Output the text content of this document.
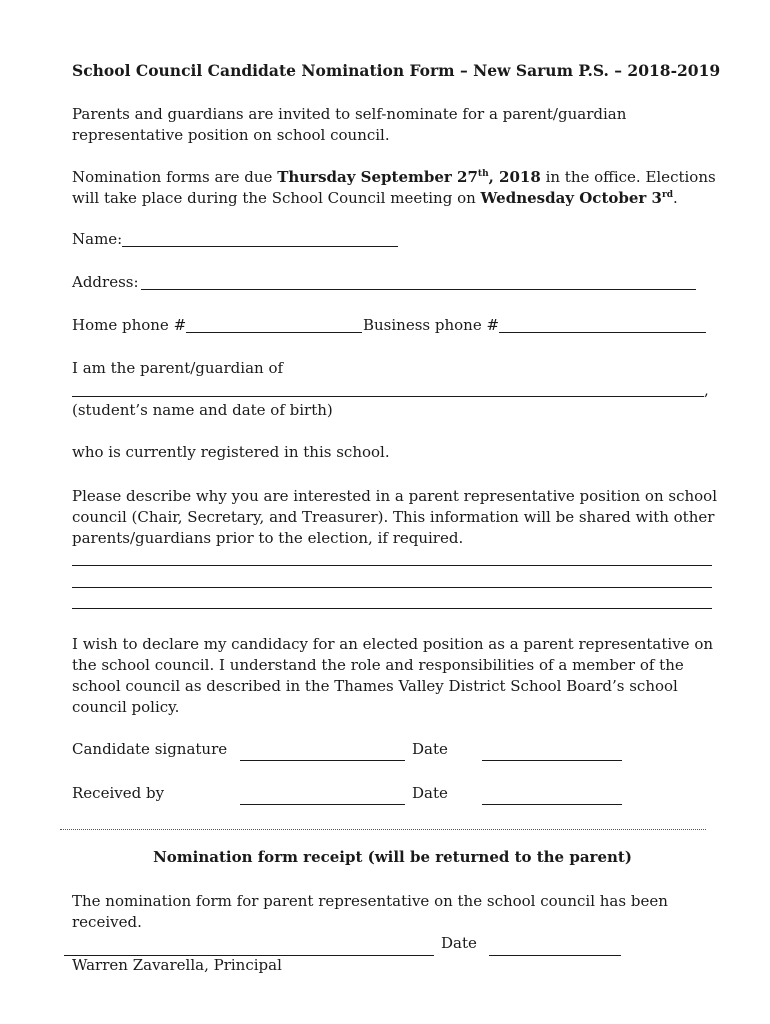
School Council Candidate Nomination Form – New Sarum P.S. – 2018-2019
Parents and guardians are invited to self-nominate for a parent/guardian
representative position on school council.
Nomination forms are due Thursday September 27th, 2018 in the office. Elections
will take place during the School Council meeting on Wednesday October 3rd.
Name:
Address:
Home phone #	Business phone #
I am the parent/guardian of
,
(student’s name and date of birth)
who is currently registered in this school.
Please describe why you are interested in a parent representative position on school
council (Chair, Secretary, and Treasurer). This information will be shared with other
parents/guardians prior to the election, if required.
I wish to declare my candidacy for an elected position as a parent representative on
the school council. I understand the role and responsibilities of a member of the
school council as described in the Thames Valley District School Board’s school
council policy.
Candidate signature	Date
Received by	Date
Nomination form receipt (will be returned to the parent)
The nomination form for parent representative on the school council has been
received.
Date
Warren Zavarella, Principal
